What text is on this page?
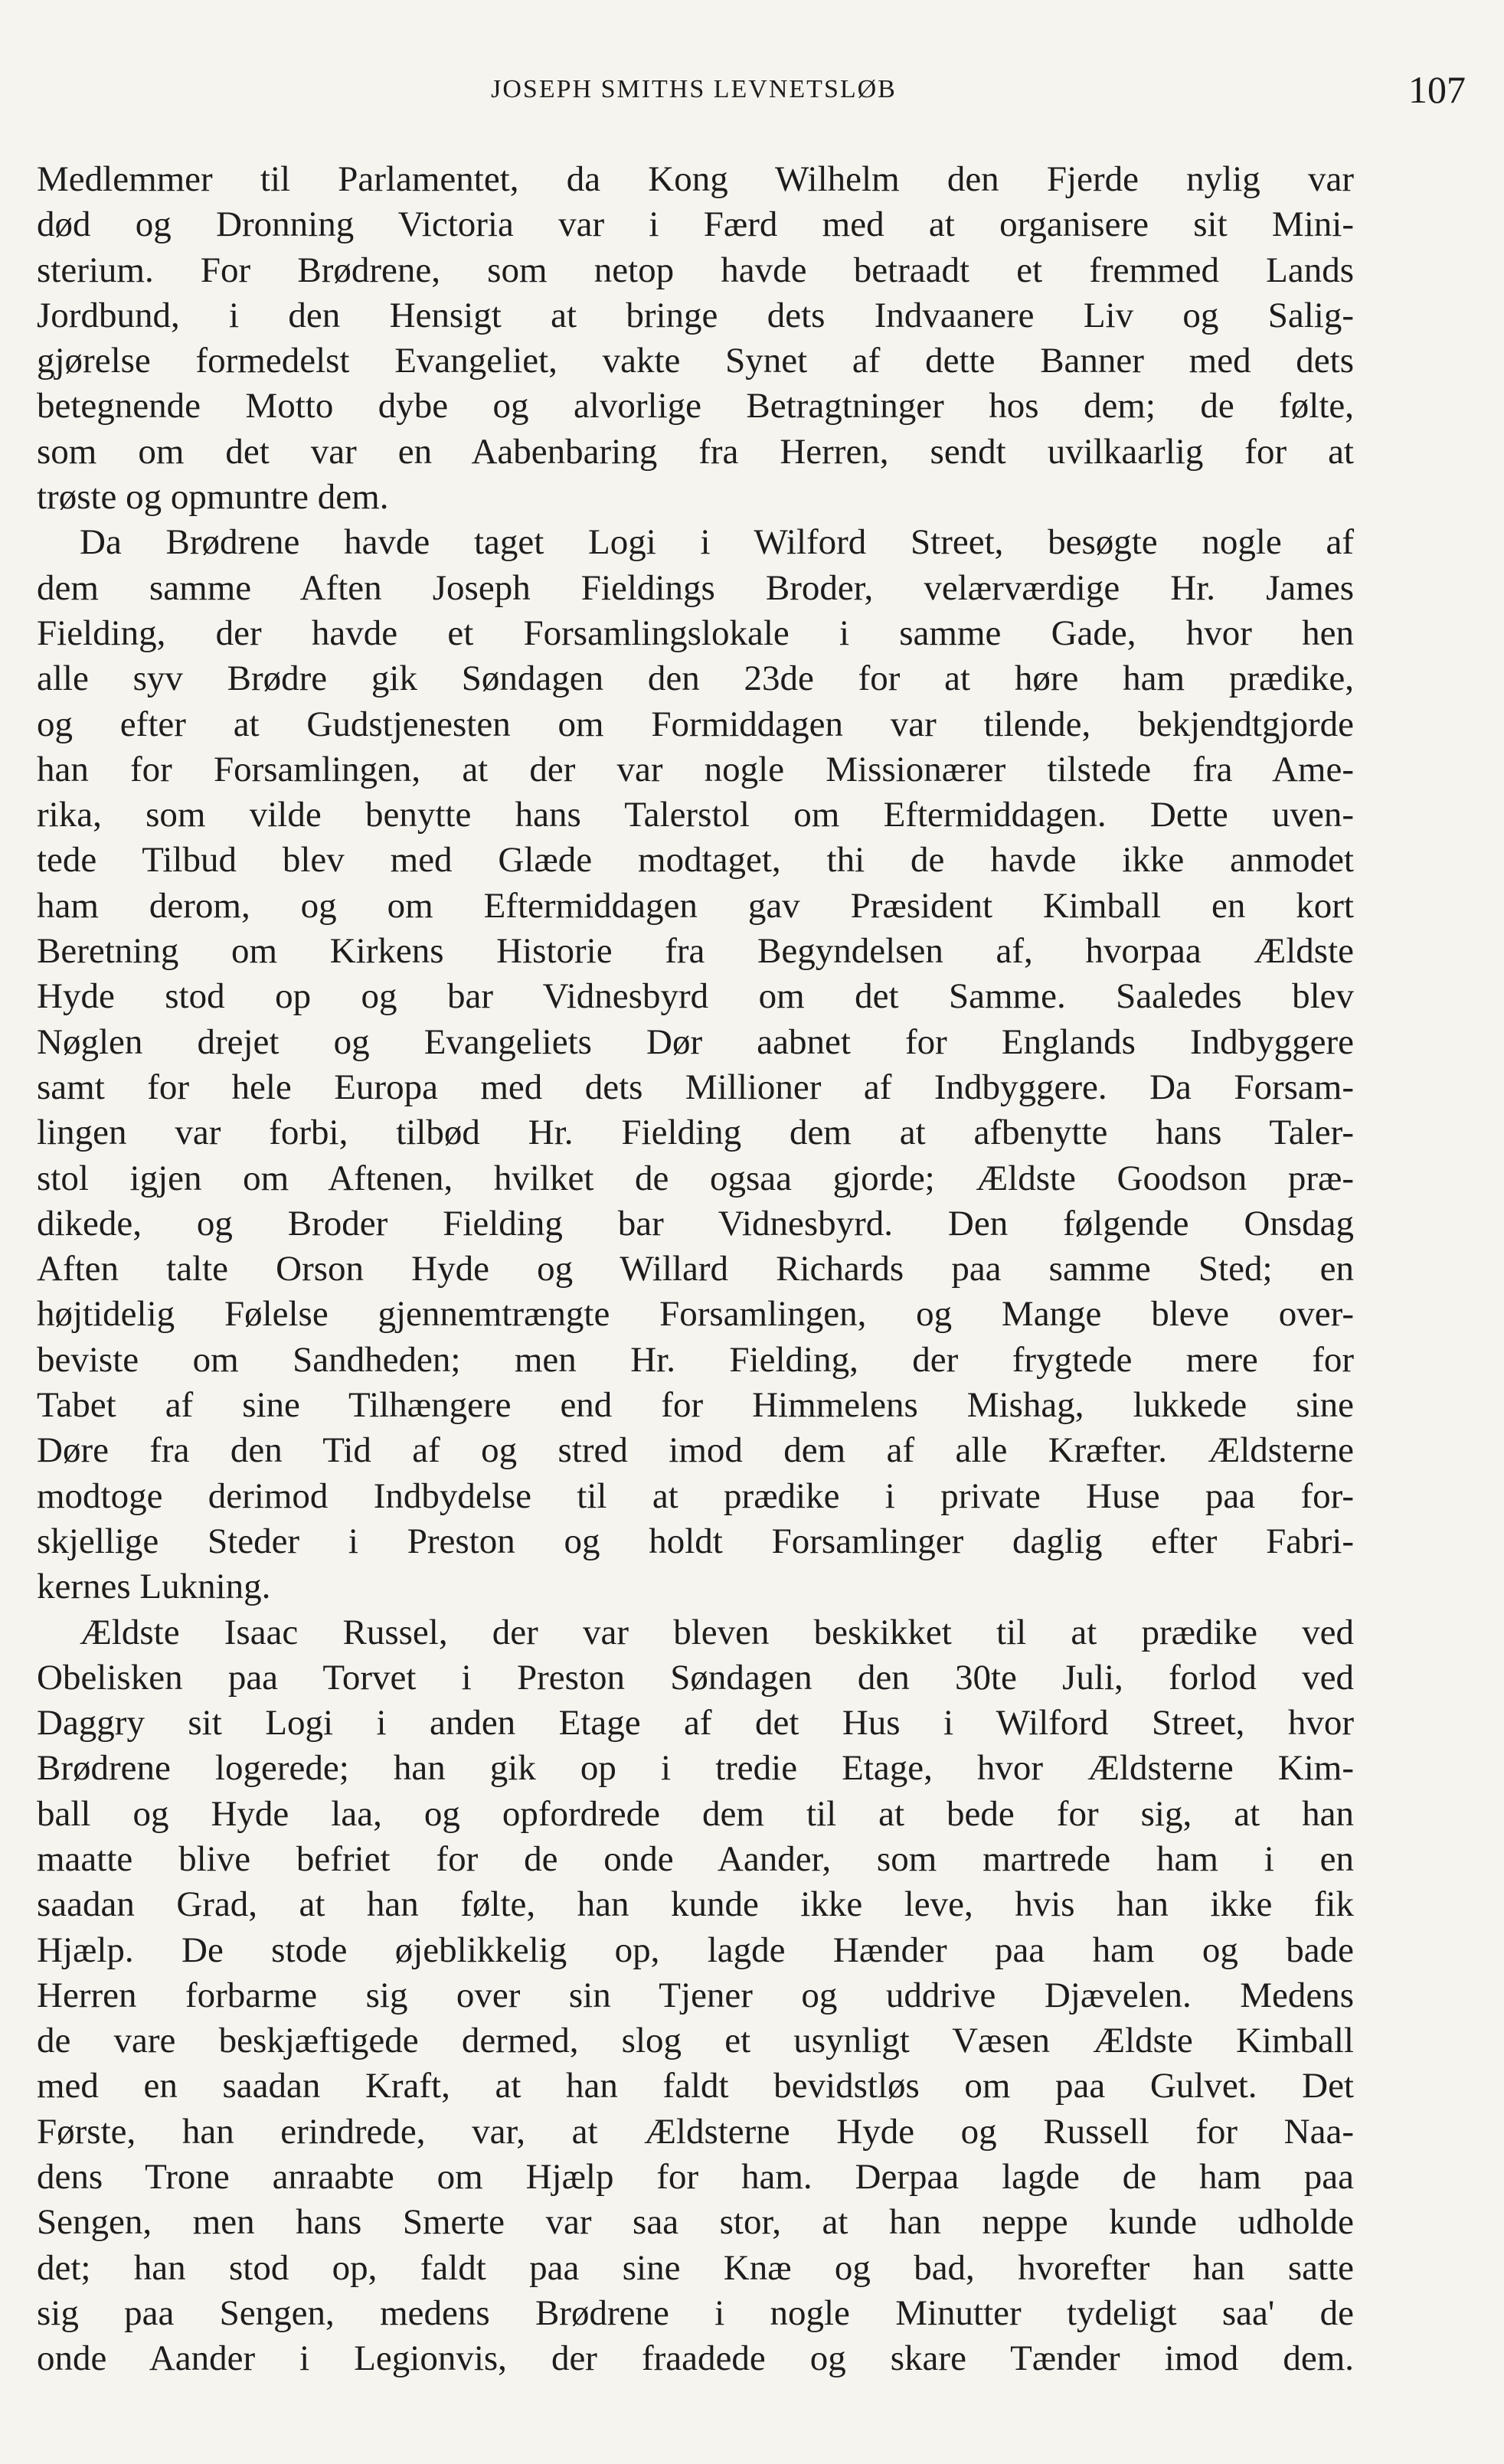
JOSEPH SMITHS LEVNETSLØB	107
Medlemmer til Parlamentet, da Kong Wilhelm den Fjerde nylig var
død og Dronning Victoria var i Færd med at organisere sit Mini-
sterium. For Brødrene, som netop havde betraadt et fremmed Lands
Jordbund, i den Hensigt at bringe dets Indvaanere Liv og Salig-
gjørelse formedelst Evangeliet, vakte Synet af dette Banner med dets
betegnende Motto dybe og alvorlige Betragtninger hos dem; de følte,
som om det var en Aabenbaring fra Herren, sendt uvilkaarlig for at
trøste og opmuntre dem.
Da Brødrene havde taget Logi i Wilford Street, besøgte nogle af
dem samme Aften Joseph Fieldings Broder, velærværdige Hr. James
Fielding, der havde et Forsamlingslokale i samme Gade, hvor hen
alle syv Brødre gik Søndagen den 23de for at høre ham prædike,
og efter at Gudstjenesten om Formiddagen var tilende, bekjendtgjorde
han for Forsamlingen, at der var nogle Missionærer tilstede fra Ame-
rika, som vilde benytte hans Talerstol om Eftermiddagen. Dette uven-
tede Tilbud blev med Glæde modtaget, thi de havde ikke anmodet
ham derom, og om Eftermiddagen gav Præsident Kimball en kort
Beretning om Kirkens Historie fra Begyndelsen af, hvorpaa Ældste
Hyde stod op og bar Vidnesbyrd om det Samme. Saaledes blev
Nøglen drejet og Evangeliets Dør aabnet for Englands Indbyggere
samt for hele Europa med dets Millioner af Indbyggere. Da Forsam-
lingen var forbi, tilbød Hr. Fielding dem at afbenytte hans Taler-
stol igjen om Aftenen, hvilket de ogsaa gjorde; Ældste Goodson præ-
dikede, og Broder Fielding bar Vidnesbyrd. Den følgende Onsdag
Aften talte Orson Hyde og Willard Richards paa samme Sted; en
højtidelig Følelse gjennemtrængte Forsamlingen, og Mange bleve over-
beviste om Sandheden; men Hr. Fielding, der frygtede mere for
Tabet af sine Tilhængere end for Himmelens Mishag, lukkede sine
Døre fra den Tid af og stred imod dem af alle Kræfter. Ældsterne
modtoge derimod Indbydelse til at prædike i private Huse paa for-
skjellige Steder i Preston og holdt Forsamlinger daglig efter Fabri-
kernes Lukning.
Ældste Isaac Russel, der var bleven beskikket til at prædike ved
Obelisken paa Torvet i Preston Søndagen den 30te Juli, forlod ved
Daggry sit Logi i anden Etage af det Hus i Wilford Street, hvor
Brødrene logerede; han gik op i tredie Etage, hvor Ældsterne Kim-
ball og Hyde laa, og opfordrede dem til at bede for sig, at han
maatte blive befriet for de onde Aander, som martrede ham i en
saadan Grad, at han følte, han kunde ikke leve, hvis han ikke fik
Hjælp. De stode øjeblikkelig op, lagde Hænder paa ham og bade
Herren forbarme sig over sin Tjener og uddrive Djævelen. Medens
de vare beskjæftigede dermed, slog et usynligt Væsen Ældste Kimball
med en saadan Kraft, at han faldt bevidstløs om paa Gulvet. Det
Første, han erindrede, var, at Ældsterne Hyde og Russell for Naa-
dens Trone anraabte om Hjælp for ham. Derpaa lagde de ham paa
Sengen, men hans Smerte var saa stor, at han neppe kunde udholde
det; han stod op, faldt paa sine Knæ og bad, hvorefter han satte
sig paa Sengen, medens Brødrene i nogle Minutter tydeligt saa' de
onde Aander i Legionvis, der fraadede og skare Tænder imod dem.
